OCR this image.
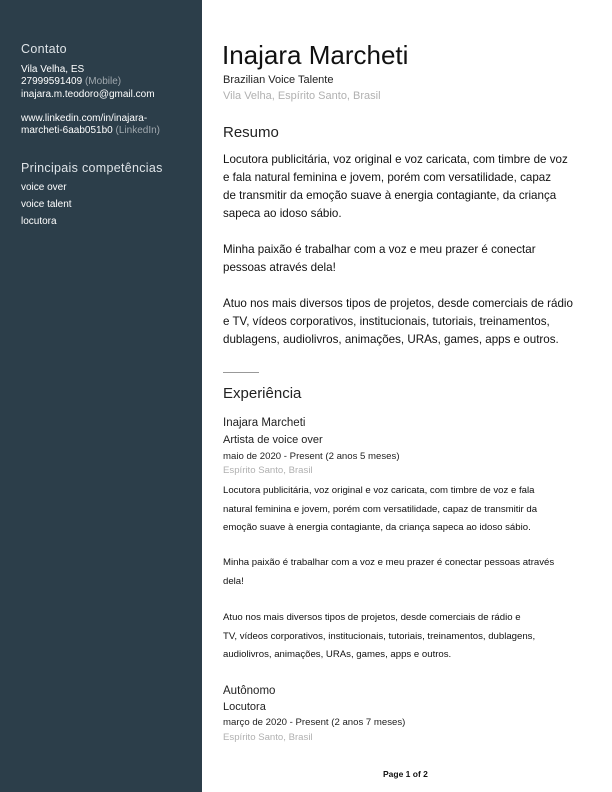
Contato
Vila Velha, ES
27999591409 (Mobile)
inajara.m.teodoro@gmail.com
www.linkedin.com/in/inajara-
marcheti-6aab051b0 (LinkedIn)
Principais competências
voice over
voice talent
locutora
Inajara Marcheti
Brazilian Voice Talente
Vila Velha, Espírito Santo, Brasil
Resumo
Locutora publicitária, voz original e voz caricata, com timbre de voz
e fala natural feminina e jovem, porém com versatilidade, capaz
de transmitir da emoção suave à energia contagiante, da criança
sapeca ao idoso sábio.
Minha paixão é trabalhar com a voz e meu prazer é conectar
pessoas através dela!
Atuo nos mais diversos tipos de projetos, desde comerciais de rádio
e TV, vídeos corporativos, institucionais, tutoriais, treinamentos,
dublagens, audiolivros, animações, URAs, games, apps e outros.
Experiência
Inajara Marcheti
Artista de voice over
maio de 2020 - Present (2 anos 5 meses)
Espírito Santo, Brasil
Locutora publicitária, voz original e voz caricata, com timbre de voz e fala
natural feminina e jovem, porém com versatilidade, capaz de transmitir da
emoção suave à energia contagiante, da criança sapeca ao idoso sábio.
Minha paixão é trabalhar com a voz e meu prazer é conectar pessoas através
dela!
Atuo nos mais diversos tipos de projetos, desde comerciais de rádio e
TV, vídeos corporativos, institucionais, tutoriais, treinamentos, dublagens,
audiolivros, animações, URAs, games, apps e outros.
Autônomo
Locutora
março de 2020 - Present (2 anos 7 meses)
Espírito Santo, Brasil
Page 1 of 2
